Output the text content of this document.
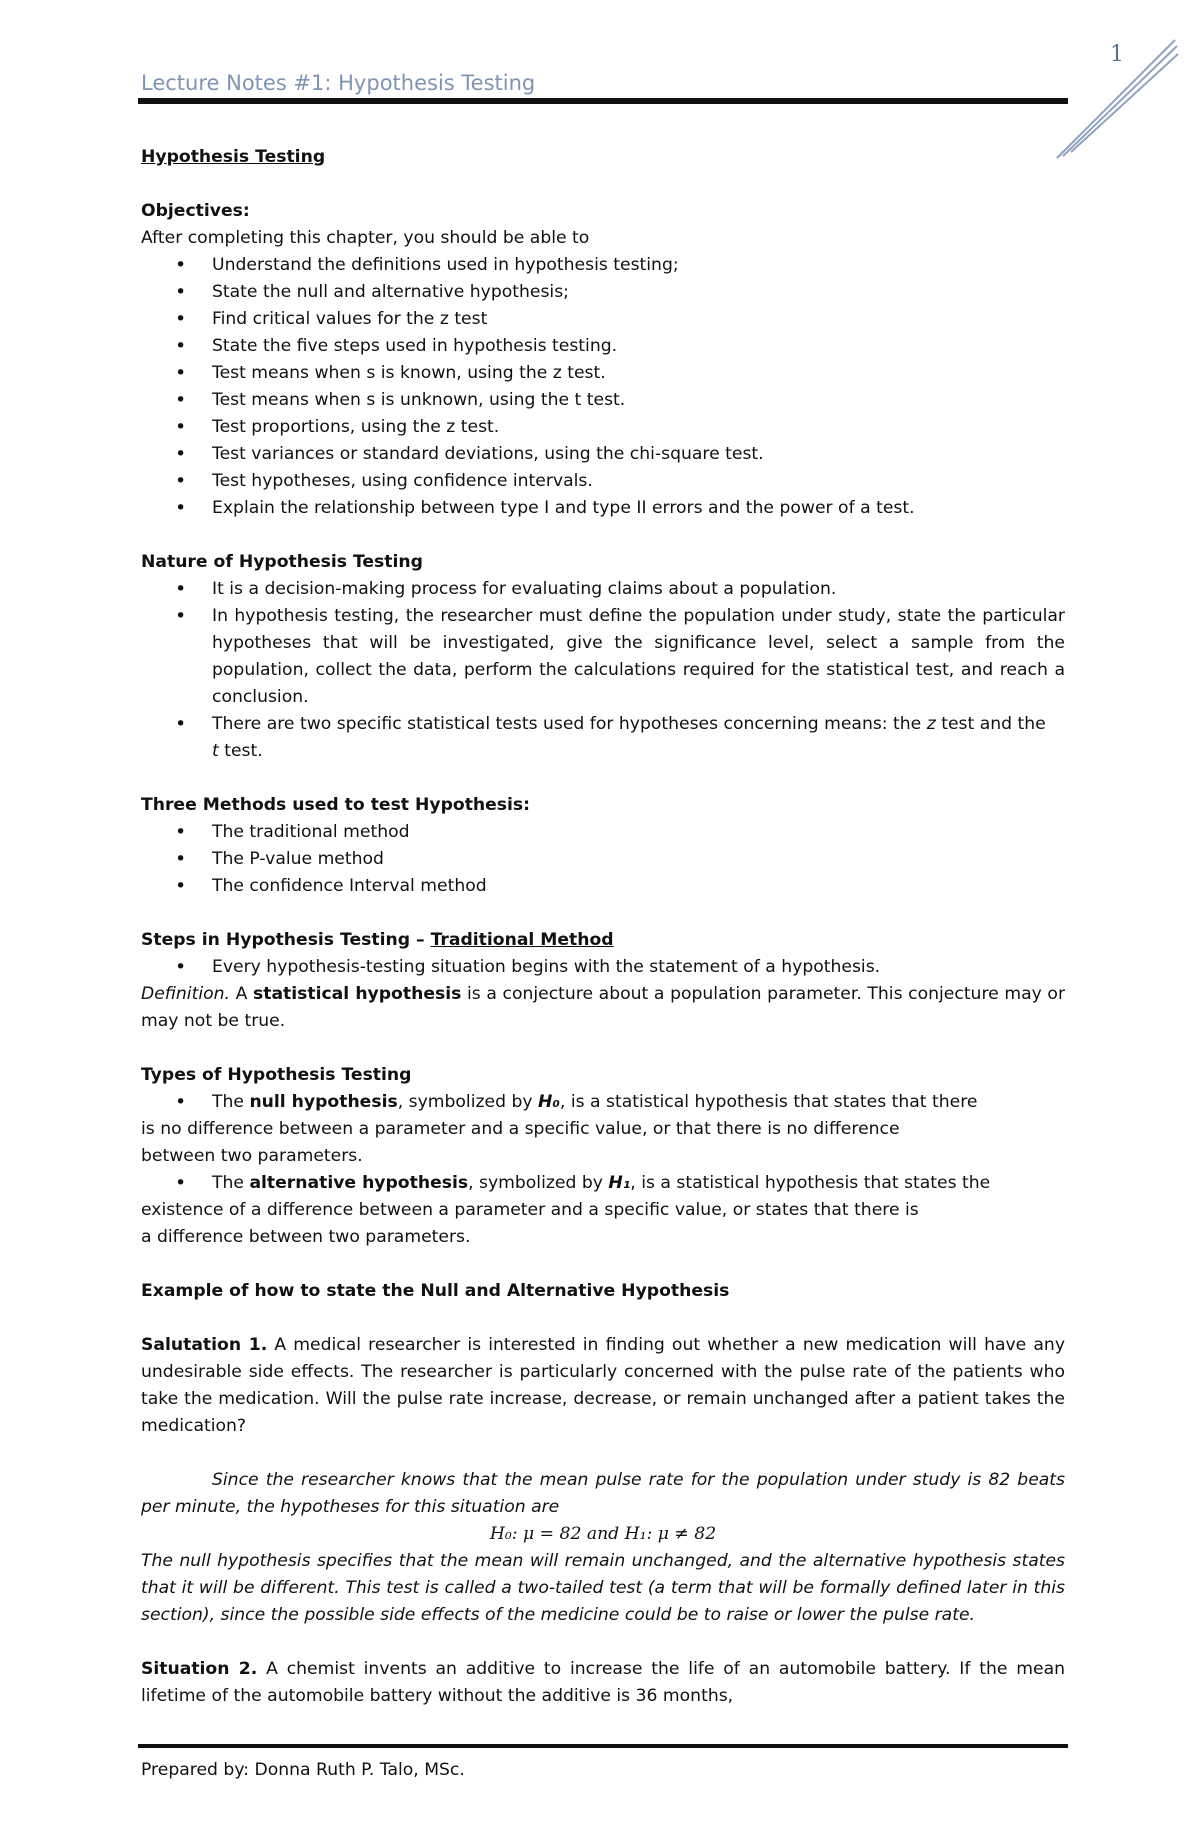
1
Lecture Notes #1: Hypothesis Testing

Hypothesis Testing

Objectives:

After completing this chapter, you should be able to

• Understand the definitions used in hypothesis testing;
• State the null and alternative hypothesis;
• Find critical values for the z test
• State the five steps used in hypothesis testing.
• Test means when s is known, using the z test.
• Test means when s is unknown, using the t test.
• Test proportions, using the z test.
• Test variances or standard deviations, using the chi-square test.
• Test hypotheses, using confidence intervals.
• Explain the relationship between type I and type II errors and the power of a test.

Nature of Hypothesis Testing

• It is a decision-making process for evaluating claims about a population.
• In hypothesis testing, the researcher must define the population under study, state the particular hypotheses that will be investigated, give the significance level, select a sample from the population, collect the data, perform the calculations required for the statistical test, and reach a conclusion.
• There are two specific statistical tests used for hypotheses concerning means: the z test and the
t test.

Three Methods used to test Hypothesis:

• The traditional method
• The P-value method
• The confidence Interval method

Steps in Hypothesis Testing – Traditional Method

• Every hypothesis-testing situation begins with the statement of a hypothesis.

Definition. A statistical hypothesis is a conjecture about a population parameter. This conjecture may or may not be true.

Types of Hypothesis Testing

• The null hypothesis, symbolized by H₀, is a statistical hypothesis that states that there

is no difference between a parameter and a specific value, or that there is no difference

between two parameters.

• The alternative hypothesis, symbolized by H₁, is a statistical hypothesis that states the

existence of a difference between a parameter and a specific value, or states that there is

a difference between two parameters.

Example of how to state the Null and Alternative Hypothesis

Salutation 1. A medical researcher is interested in finding out whether a new medication will have any undesirable side effects. The researcher is particularly concerned with the pulse rate of the patients who take the medication. Will the pulse rate increase, decrease, or remain unchanged after a patient takes the medication?

Since the researcher knows that the mean pulse rate for the population under study is 82 beats per minute, the hypotheses for this situation are

H₀: μ = 82 and H₁: μ ≠ 82

The null hypothesis specifies that the mean will remain unchanged, and the alternative hypothesis states that it will be different. This test is called a two-tailed test (a term that will be formally defined later in this section), since the possible side effects of the medicine could be to raise or lower the pulse rate.

Situation 2. A chemist invents an additive to increase the life of an automobile battery. If the mean lifetime of the automobile battery without the additive is 36 months,

Prepared by: Donna Ruth P. Talo, MSc.
